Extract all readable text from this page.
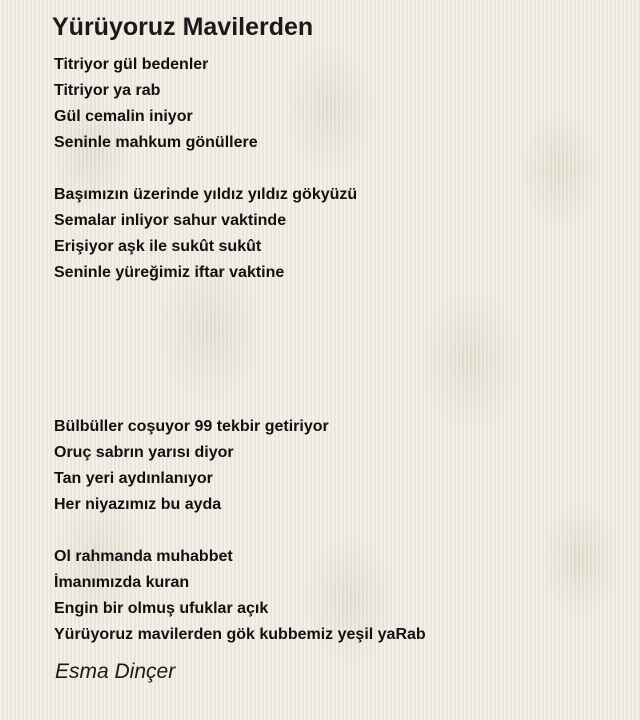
Yürüyoruz Mavilerden
Titriyor gül bedenler
Titriyor ya rab
Gül cemalin iniyor
Seninle mahkum gönüllere
Başımızın üzerinde yıldız yıldız gökyüzü
Semalar inliyor sahur vaktinde
Erişiyor aşk ile sukût sukût
Seninle yüreğimiz iftar vaktine
Bülbüller coşuyor 99 tekbir getiriyor
Oruç sabrın yarısı diyor
Tan yeri aydınlanıyor
Her niyazımız bu ayda
Ol rahmanda muhabbet
İmanımızda kuran
Engin bir olmuş ufuklar açık
Yürüyoruz mavilerden gök kubbemiz yeşil yaRab
Esma Dinçer
